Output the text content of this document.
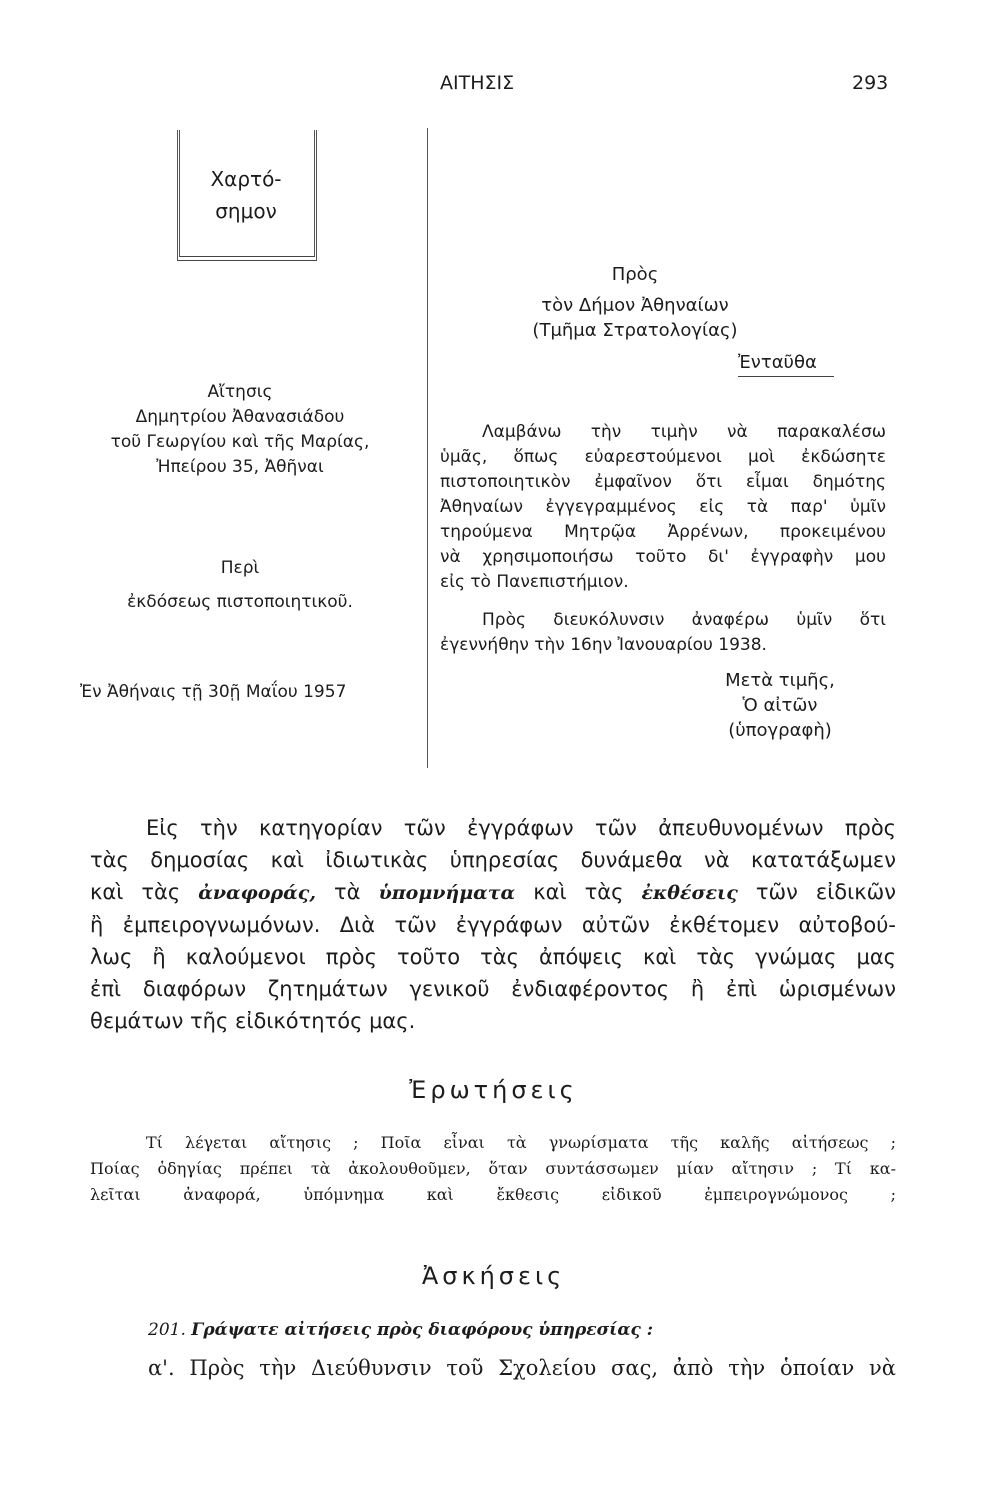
ΑΙΤΗΣΙΣ	293
Χαρτό-
σημον
Αἴτησις
Δημητρίου Ἀθανασιάδου
τοῦ Γεωργίου καὶ τῆς Μαρίας,
Ἠπείρου 35, Ἀθῆναι
Περὶ
ἐκδόσεως πιστοποιητικοῦ.
Ἐν Ἀθήναις τῇ 30ῇ Μαΐου 1957
Πρὸς
τὸν Δήμον Ἀθηναίων
(Τμῆμα Στρατολογίας)
Ἐνταῦθα
Λαμβάνω τὴν τιμὴν νὰ παρακαλέσω
ὑμᾶς, ὅπως εὐαρεστούμενοι μοὶ ἐκδώσητε
πιστοποιητικὸν ἐμφαῖνον ὅτι εἶμαι δημότης
Ἀθηναίων ἐγγεγραμμένος εἰς τὰ παρ' ὑμῖν
τηρούμενα Μητρῷα Ἀρρένων, προκειμένου
νὰ χρησιμοποιήσω τοῦτο δι' ἐγγραφὴν μου
εἰς τὸ Πανεπιστήμιον.
Πρὸς διευκόλυνσιν ἀναφέρω ὑμῖν ὅτι
ἐγεννήθην τὴν 16ην Ἰανουαρίου 1938.
Μετὰ τιμῆς,
Ὁ αἰτῶν
(ὑπογραφὴ)
Εἰς τὴν κατηγορίαν τῶν ἐγγράφων τῶν ἀπευθυνομένων πρὸς
τὰς δημοσίας καὶ ἰδιωτικὰς ὑπηρεσίας δυνάμεθα νὰ κατατάξωμεν
καὶ τὰς ἀναφοράς, τὰ ὑπομνήματα καὶ τὰς ἐκθέσεις τῶν εἰδικῶν
ἢ ἐμπειρογνωμόνων. Διὰ τῶν ἐγγράφων αὐτῶν ἐκθέτομεν αὐτοβού-
λως ἢ καλούμενοι πρὸς τοῦτο τὰς ἀπόψεις καὶ τὰς γνώμας μας
ἐπὶ διαφόρων ζητημάτων γενικοῦ ἐνδιαφέροντος ἢ ἐπὶ ὡρισμένων
θεμάτων τῆς εἰδικότητός μας.
Ἐρωτήσεις
Τί λέγεται αἴτησις ; Ποῖα εἶναι τὰ γνωρίσματα τῆς καλῆς αἰτήσεως ;
Ποίας ὁδηγίας πρέπει τὰ ἀκολουθοῦμεν, ὅταν συντάσσωμεν μίαν αἴτησιν ; Τί κα-
λεῖται ἀναφορά, ὑπόμνημα καὶ ἔκθεσις εἰδικοῦ ἐμπειρογνώμονος ;
Ἀσκήσεις
201. Γράψατε αἰτήσεις πρὸς διαφόρους ὑπηρεσίας :
α'. Πρὸς τὴν Διεύθυνσιν τοῦ Σχολείου σας, ἀπὸ τὴν ὁποίαν νὰ
